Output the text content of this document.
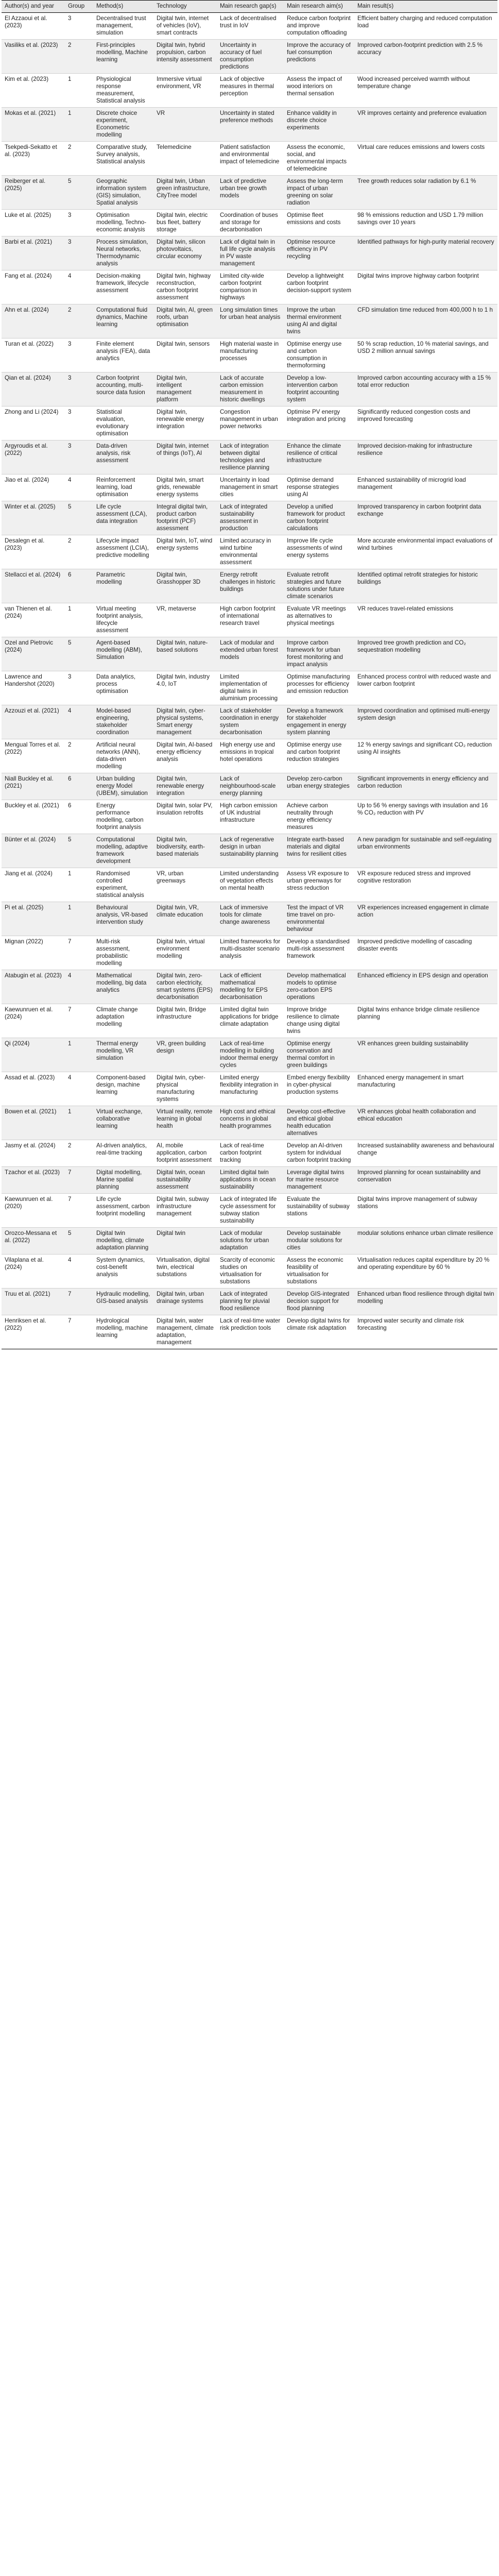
Author(s) and year	Group	Method(s)	Technology	Main research gap(s)	Main research aim(s)	Main result(s)
El Azzaoui et al. (2023)	3	Decentralised trust management, simulation	Digital twin, internet of vehicles (IoV), smart contracts	Lack of decentralised trust in IoV	Reduce carbon footprint and improve computation offloading	Efficient battery charging and reduced computation load
Vasiliks et al. (2023)	2	First-principles modelling, Machine learning	Digital twin, hybrid propulsion, carbon intensity assessment	Uncertainty in accuracy of fuel consumption predictions	Improve the accuracy of fuel consumption predictions	Improved carbon-footprint prediction with 2.5 % accuracy
Kim et al. (2023)	1	Physiological response measurement, Statistical analysis	Immersive virtual environment, VR	Lack of objective measures in thermal perception	Assess the impact of wood interiors on thermal sensation	Wood increased perceived warmth without temperature change
Mokas et al. (2021)	1	Discrete choice experiment, Econometric modelling	VR	Uncertainty in stated preference methods	Enhance validity in discrete choice experiments	VR improves certainty and preference evaluation
Tsekpedi-Sekatto et al. (2023)	2	Comparative study, Survey analysis, Statistical analysis	Telemedicine	Patient satisfaction and environmental impact of telemedicine	Assess the economic, social, and environmental impacts of telemedicine	Virtual care reduces emissions and lowers costs
Reiberger et al. (2025)	5	Geographic information system (GIS) simulation, Spatial analysis	Digital twin, Urban green infrastructure, CityTree model	Lack of predictive urban tree growth models	Assess the long-term impact of urban greening on solar radiation	Tree growth reduces solar radiation by 6.1 %
Luke et al. (2025)	3	Optimisation modelling, Techno-economic analysis	Digital twin, electric bus fleet, battery storage	Coordination of buses and storage for decarbonisation	Optimise fleet emissions and costs	98 % emissions reduction and USD 1.79 million savings over 10 years
Barbi et al. (2021)	3	Process simulation, Neural networks, Thermodynamic analysis	Digital twin, silicon photovoltaics, circular economy	Lack of digital twin in full life cycle analysis in PV waste management	Optimise resource efficiency in PV recycling	Identified pathways for high-purity material recovery
Fang et al. (2024)	4	Decision-making framework, lifecycle assessment	Digital twin, highway reconstruction, carbon footprint assessment	Limited city-wide carbon footprint comparison in highways	Develop a lightweight carbon footprint decision-support system	Digital twins improve highway carbon footprint
Ahn et al. (2024)	2	Computational fluid dynamics, Machine learning	Digital twin, AI, green roofs, urban optimisation	Long simulation times for urban heat analysis	Improve the urban thermal environment using AI and digital twins	CFD simulation time reduced from 400,000 h to 1 h
Turan et al. (2022)	3	Finite element analysis (FEA), data analytics	Digital twin, sensors	High material waste in manufacturing processes	Optimise energy use and carbon consumption in thermoforming	50 % scrap reduction, 10 % material savings, and USD 2 million annual savings
Qian et al. (2024)	3	Carbon footprint accounting, multi-source data fusion	Digital twin, intelligent management platform	Lack of accurate carbon emission measurement in historic dwellings	Develop a low-intervention carbon footprint accounting system	Improved carbon accounting accuracy with a 15 % total error reduction
Zhong and Li (2024)	3	Statistical evaluation, evolutionary optimisation	Digital twin, renewable energy integration	Congestion management in urban power networks	Optimise PV energy integration and pricing	Significantly reduced congestion costs and improved forecasting
Argyroudis et al. (2022)	3	Data-driven analysis, risk assessment	Digital twin, internet of things (IoT), AI	Lack of integration between digital technologies and resilience planning	Enhance the climate resilience of critical infrastructure	Improved decision-making for infrastructure resilience
Jiao et al. (2024)	4	Reinforcement learning, load optimisation	Digital twin, smart grids, renewable energy systems	Uncertainty in load management in smart cities	Optimise demand response strategies using AI	Enhanced sustainability of microgrid load management
Winter et al. (2025)	5	Life cycle assessment (LCA), data integration	Integral digital twin, product carbon footprint (PCF) assessment	Lack of integrated sustainability assessment in production	Develop a unified framework for product carbon footprint calculations	Improved transparency in carbon footprint data exchange
Desalegn et al. (2023)	2	Lifecycle impact assessment (LCIA), predictive modelling	Digital twin, IoT, wind energy systems	Limited accuracy in wind turbine environmental assessment	Improve life cycle assessments of wind energy systems	More accurate environmental impact evaluations of wind turbines
Stellacci et al. (2024)	6	Parametric modelling	Digital twin, Grasshopper 3D	Energy retrofit challenges in historic buildings	Evaluate retrofit strategies and future solutions under future climate scenarios	Identified optimal retrofit strategies for historic buildings
van Thienen et al. (2024)	1	Virtual meeting footprint analysis, lifecycle assessment	VR, metaverse	High carbon footprint of international research travel	Evaluate VR meetings as alternatives to physical meetings	VR reduces travel-related emissions
Ozel and Pietrovic (2024)	5	Agent-based modelling (ABM), Simulation	Digital twin, nature-based solutions	Lack of modular and extended urban forest models	Improve carbon framework for urban forest monitoring and impact analysis	Improved tree growth prediction and CO₂ sequestration modelling
Lawrence and Handershot (2020)	3	Data analytics, process optimisation	Digital twin, industry 4.0, IoT	Limited implementation of digital twins in aluminium processing	Optimise manufacturing processes for efficiency and emission reduction	Enhanced process control with reduced waste and lower carbon footprint
Azzouzi et al. (2021)	4	Model-based engineering, stakeholder coordination	Digital twin, cyber-physical systems, Smart energy management	Lack of stakeholder coordination in energy system decarbonisation	Develop a framework for stakeholder engagement in energy system planning	Improved coordination and optimised multi-energy system design
Mengual Torres et al. (2022)	2	Artificial neural networks (ANN), data-driven modelling	Digital twin, AI-based energy efficiency analysis	High energy use and emissions in tropical hotel operations	Optimise energy use and carbon footprint reduction strategies	12 % energy savings and significant CO₂ reduction using AI insights
Niall Buckley et al. (2021)	6	Urban building energy Model (UBEM), simulation	Digital twin, renewable energy integration	Lack of neighbourhood-scale energy planning	Develop zero-carbon urban energy strategies	Significant improvements in energy efficiency and carbon reduction
Buckley et al. (2021)	6	Energy performance modelling, carbon footprint analysis	Digital twin, solar PV, insulation retrofits	High carbon emission of UK industrial infrastructure	Achieve carbon neutrality through energy efficiency measures	Up to 56 % energy savings with insulation and 16 % CO₂ reduction with PV
Bünter et al. (2024)	5	Computational modelling, adaptive framework development	Digital twin, biodiversity, earth-based materials	Lack of regenerative design in urban sustainability planning	Integrate earth-based materials and digital twins for resilient cities	A new paradigm for sustainable and self-regulating urban environments
Jiang et al. (2024)	1	Randomised controlled experiment, statistical analysis	VR, urban greenways	Limited understanding of vegetation effects on mental health	Assess VR exposure to urban greenways for stress reduction	VR exposure reduced stress and improved cognitive restoration
Pi et al. (2025)	1	Behavioural analysis, VR-based intervention study	Digital twin, VR, climate education	Lack of immersive tools for climate change awareness	Test the impact of VR time travel on pro-environmental behaviour	VR experiences increased engagement in climate action
Mignan (2022)	7	Multi-risk assessment, probabilistic modelling	Digital twin, virtual environment modelling	Limited frameworks for multi-disaster scenario analysis	Develop a standardised multi-risk assessment framework	Improved predictive modelling of cascading disaster events
Atabugin et al. (2023)	4	Mathematical modelling, big data analytics	Digital twin, zero-carbon electricity, smart systems (EPS) decarbonisation	Lack of efficient mathematical modelling for EPS decarbonisation	Develop mathematical models to optimise zero-carbon EPS operations	Enhanced efficiency in EPS design and operation
Kaewunruen et al. (2024)	7	Climate change adaptation modelling	Digital twin, Bridge infrastructure	Limited digital twin applications for bridge climate adaptation	Improve bridge resilience to climate change using digital twins	Digital twins enhance bridge climate resilience planning
Qi (2024)	1	Thermal energy modelling, VR simulation	VR, green building design	Lack of real-time modelling in building indoor thermal energy cycles	Optimise energy conservation and thermal comfort in green buildings	VR enhances green building sustainability
Assad et al. (2023)	4	Component-based design, machine learning	Digital twin, cyber-physical manufacturing systems	Limited energy flexibility integration in manufacturing	Embed energy flexibility in cyber-physical production systems	Enhanced energy management in smart manufacturing
Bowen et al. (2021)	1	Virtual exchange, collaborative learning	Virtual reality, remote learning in global health	High cost and ethical concerns in global health programmes	Develop cost-effective and ethical global health education alternatives	VR enhances global health collaboration and ethical education
Jasmy et al. (2024)	2	AI-driven analytics, real-time tracking	AI, mobile application, carbon footprint assessment	Lack of real-time carbon footprint tracking	Develop an AI-driven system for individual carbon footprint tracking	Increased sustainability awareness and behavioural change
Tzachor et al. (2023)	7	Digital modelling, Marine spatial planning	Digital twin, ocean sustainability assessment	Limited digital twin applications in ocean sustainability	Leverage digital twins for marine resource management	Improved planning for ocean sustainability and conservation
Kaewunruen et al. (2020)	7	Life cycle assessment, carbon footprint modelling	Digital twin, subway infrastructure management	Lack of integrated life cycle assessment for subway station sustainability	Evaluate the sustainability of subway stations	Digital twins improve management of subway stations
Orozco-Messana et al. (2022)	5	Digital twin modelling, climate adaptation planning	Digital twin	Lack of modular solutions for urban adaptation	Develop sustainable modular solutions for cities	modular solutions enhance urban climate resilience
Vilaplana et al. (2024)	4	System dynamics, cost-benefit analysis	Virtualisation, digital twin, electrical substations	Scarcity of economic studies on virtualisation for substations	Assess the economic feasibility of virtualisation for substations	Virtualisation reduces capital expenditure by 20 % and operating expenditure by 60 %
Truu et al. (2021)	7	Hydraulic modelling, GIS-based analysis	Digital twin, urban drainage systems	Lack of integrated planning for pluvial flood resilience	Develop GIS-integrated decision support for flood planning	Enhanced urban flood resilience through digital twin modelling
Henriksen et al. (2022)	7	Hydrological modelling, machine learning	Digital twin, water management, climate adaptation, management	Lack of real-time water risk prediction tools	Develop digital twins for climate risk adaptation	Improved water security and climate risk forecasting
